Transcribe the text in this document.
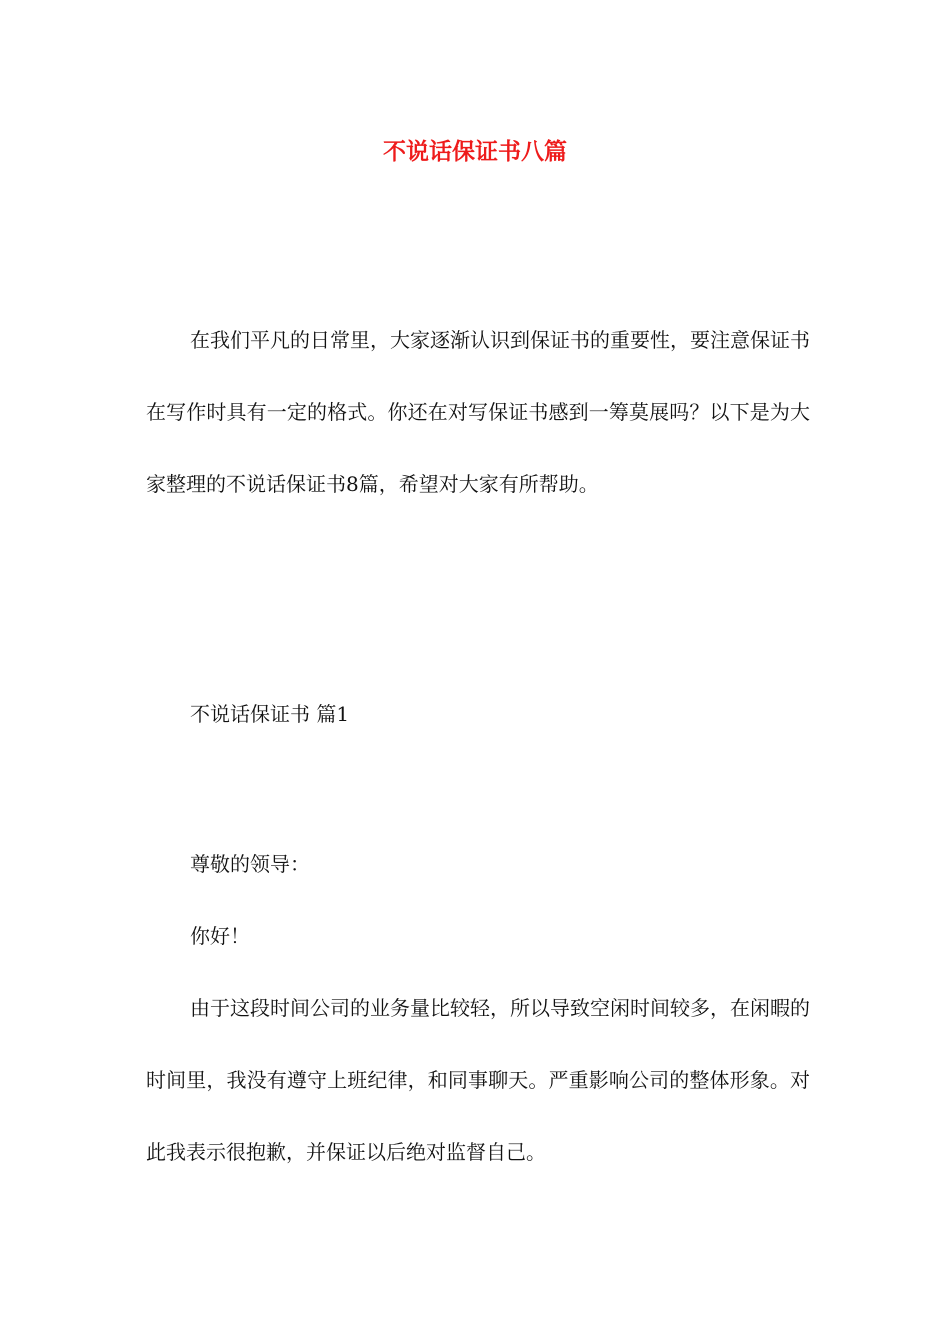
不说话保证书八篇

在我们平凡的日常里，大家逐渐认识到保证书的重要性，要注意保证书在写作时具有一定的格式。你还在对写保证书感到一筹莫展吗？以下是为大家整理的不说话保证书8篇，希望对大家有所帮助。

不说话保证书 篇1

尊敬的领导：

你好！

由于这段时间公司的业务量比较轻，所以导致空闲时间较多，在闲暇的时间里，我没有遵守上班纪律，和同事聊天。严重影响公司的整体形象。对此我表示很抱歉，并保证以后绝对监督自己。
